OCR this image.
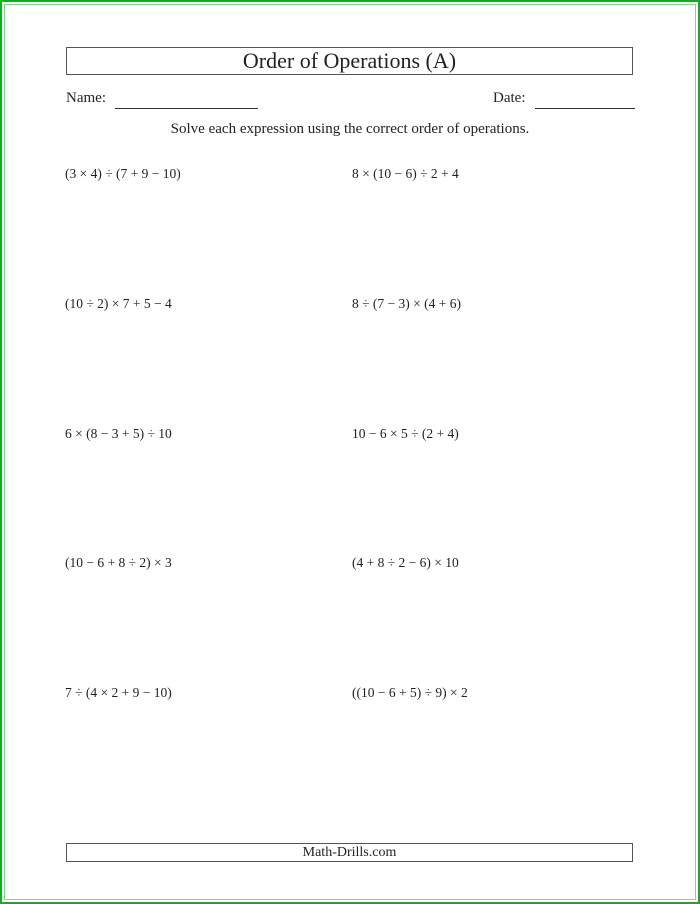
Order of Operations (A)
Name:	Date:
Solve each expression using the correct order of operations.
(3 × 4) ÷ (7 + 9 − 10)
(10 ÷ 2) × 7 + 5 − 4
6 × (8 − 3 + 5) ÷ 10
(10 − 6 + 8 ÷ 2) × 3
7 ÷ (4 × 2 + 9 − 10)
8 × (10 − 6) ÷ 2 + 4
8 ÷ (7 − 3) × (4 + 6)
10 − 6 × 5 ÷ (2 + 4)
(4 + 8 ÷ 2 − 6) × 10
((10 − 6 + 5) ÷ 9) × 2
Math-Drills.com
